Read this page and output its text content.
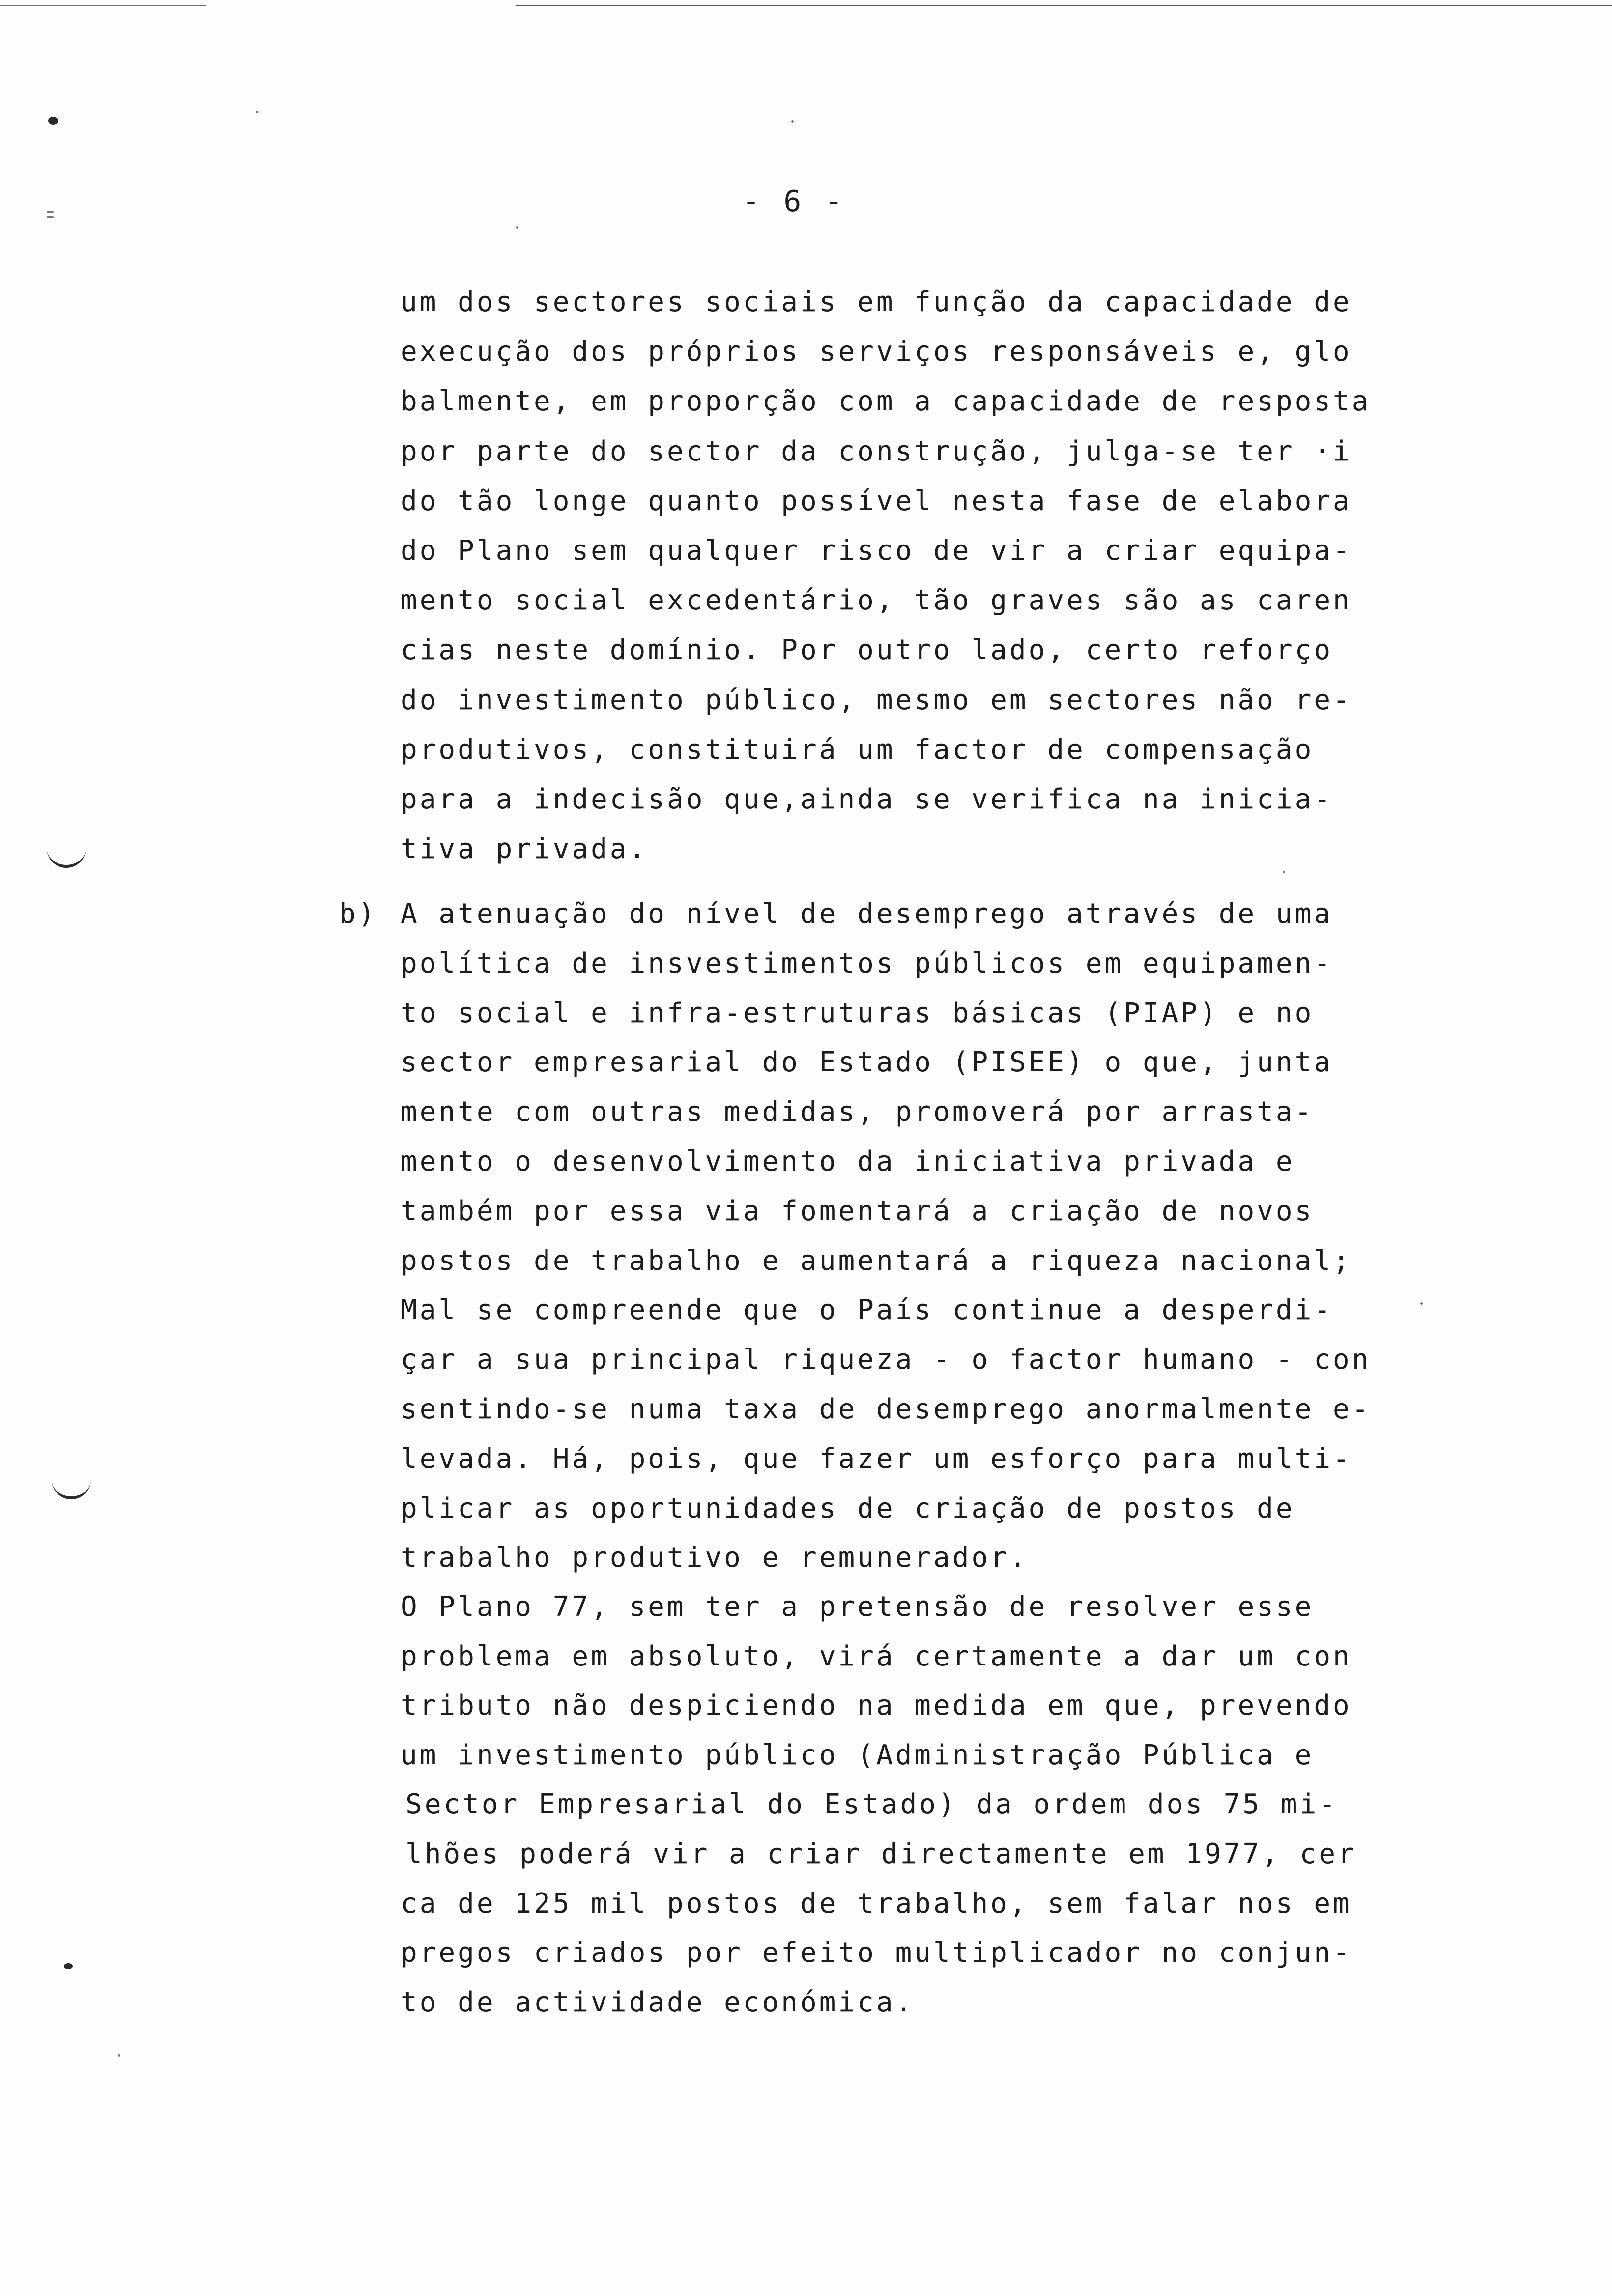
- 6 -
um dos sectores sociais em função da capacidade de
execução dos próprios serviços responsáveis e, glo
balmente, em proporção com a capacidade de resposta
por parte do sector da construção, julga-se ter ·i
do tão longe quanto possível nesta fase de elabora
do Plano sem qualquer risco de vir a criar equipa-
mento social excedentário, tão graves são as caren
cias neste domínio. Por outro lado, certo reforço
do investimento público, mesmo em sectores não re-
produtivos, constituirá um factor de compensação
para a indecisão que,ainda se verifica na inicia-
tiva privada.
b) A atenuação do nível de desemprego através de uma
política de insvestimentos públicos em equipamen-
to social e infra-estruturas básicas (PIAP) e no
sector empresarial do Estado (PISEE) o que, junta
mente com outras medidas, promoverá por arrasta-
mento o desenvolvimento da iniciativa privada e
também por essa via fomentará a criação de novos
postos de trabalho e aumentará a riqueza nacional;
Mal se compreende que o País continue a desperdi-
çar a sua principal riqueza - o factor humano - con
sentindo-se numa taxa de desemprego anormalmente e-
levada. Há, pois, que fazer um esforço para multi-
plicar as oportunidades de criação de postos de
trabalho produtivo e remunerador.
O Plano 77, sem ter a pretensão de resolver esse
problema em absoluto, virá certamente a dar um con
tributo não despiciendo na medida em que, prevendo
um investimento público (Administração Pública e
Sector Empresarial do Estado) da ordem dos 75 mi-
lhões poderá vir a criar directamente em 1977, cer
ca de 125 mil postos de trabalho, sem falar nos em
pregos criados por efeito multiplicador no conjun-
to de actividade económica.
